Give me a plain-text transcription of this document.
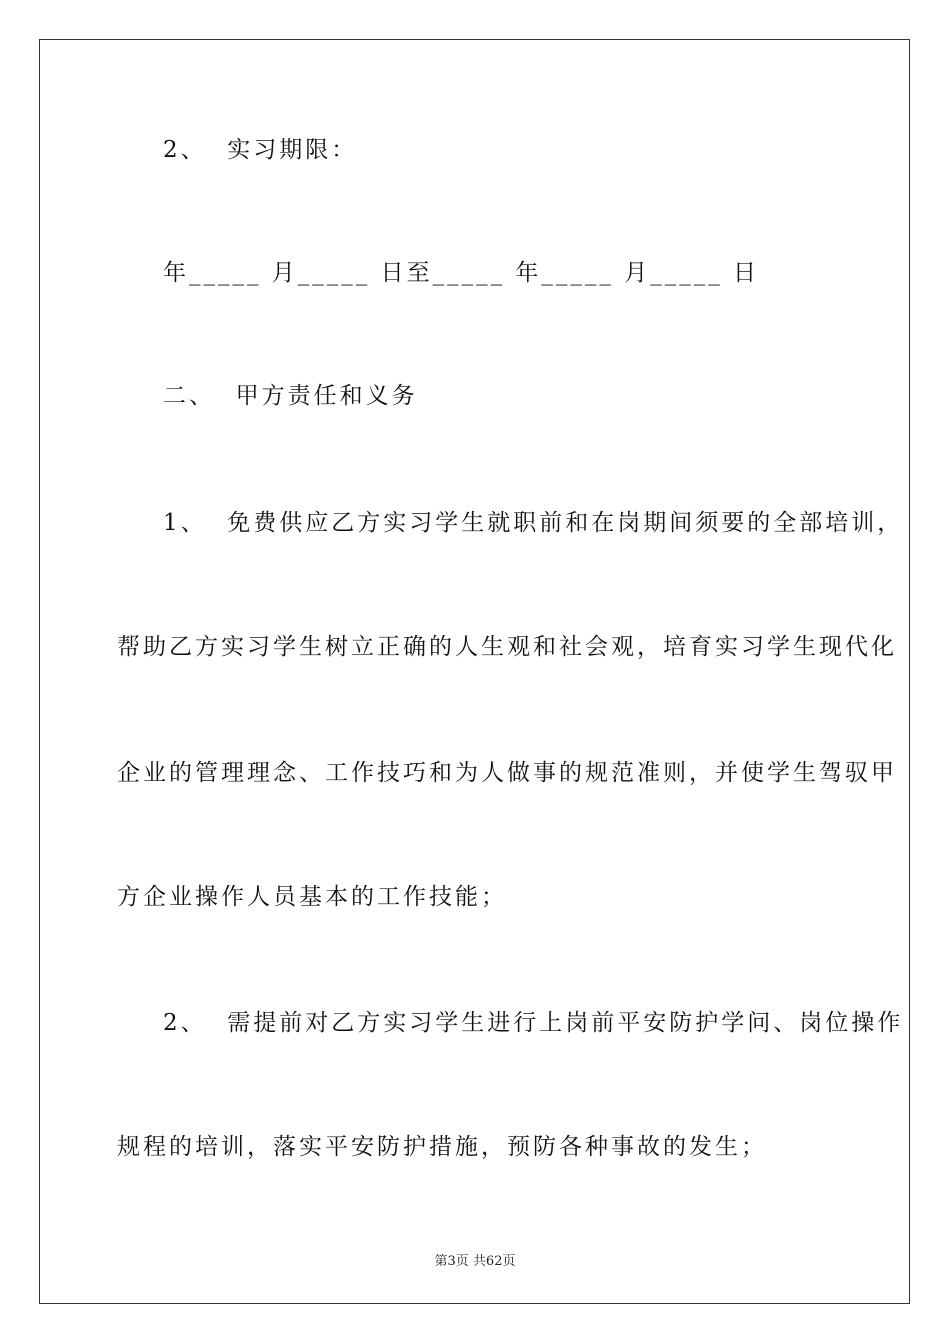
2、  实习期限：
年_____ 月_____ 日至_____ 年_____ 月_____ 日
二、  甲方责任和义务
1、  免费供应乙方实习学生就职前和在岗期间须要的全部培训，
帮助乙方实习学生树立正确的人生观和社会观，培育实习学生现代化
企业的管理理念、工作技巧和为人做事的规范准则，并使学生驾驭甲
方企业操作人员基本的工作技能；
2、  需提前对乙方实习学生进行上岗前平安防护学问、岗位操作
规程的培训，落实平安防护措施，预防各种事故的发生；
第3页 共62页
